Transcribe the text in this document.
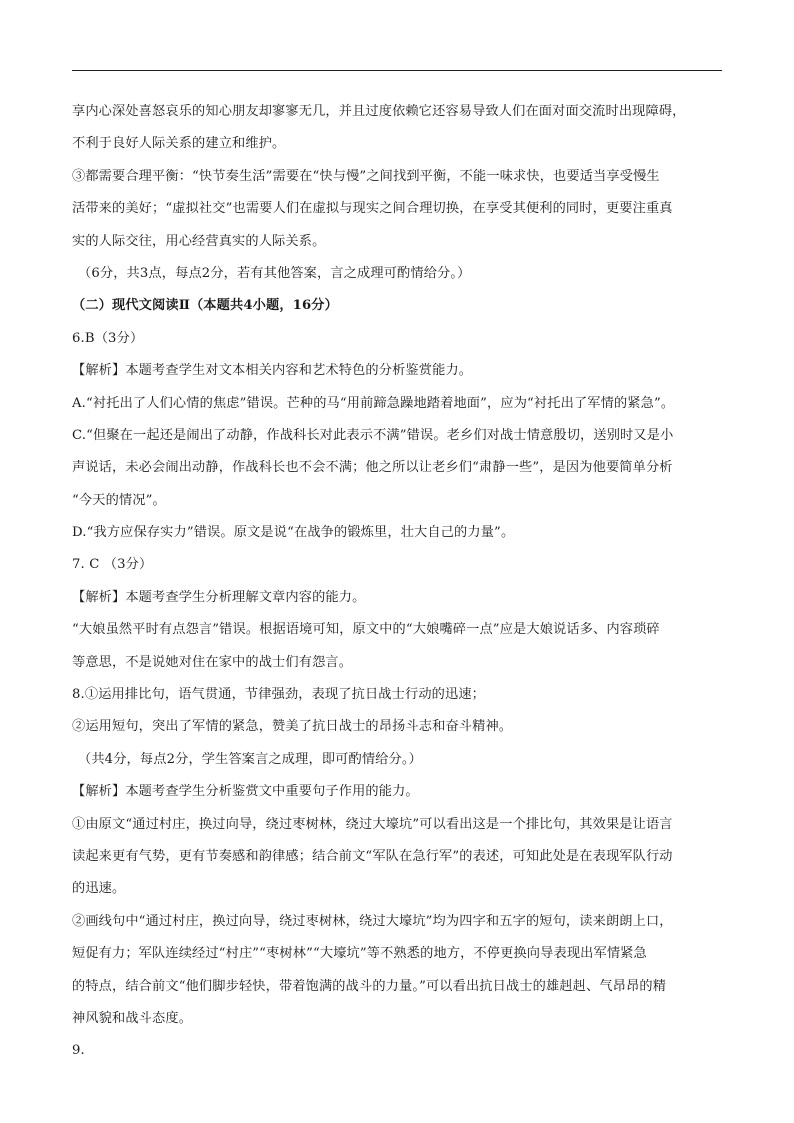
享内心深处喜怒哀乐的知心朋友却寥寥无几，并且过度依赖它还容易导致人们在面对面交流时出现障碍，
不利于良好人际关系的建立和维护。
③都需要合理平衡：“快节奏生活”需要在“快与慢”之间找到平衡，不能一味求快，也要适当享受慢生
活带来的美好；“虚拟社交”也需要人们在虚拟与现实之间合理切换，在享受其便利的同时，更要注重真
实的人际交往，用心经营真实的人际关系。
（6分，共3点，每点2分，若有其他答案，言之成理可酌情给分。）
（二）现代文阅读Ⅱ（本题共4小题，16分）
6.B（3分）
【解析】本题考查学生对文本相关内容和艺术特色的分析鉴赏能力。
A.“衬托出了人们心情的焦虑”错误。芒种的马“用前蹄急躁地踏着地面”，应为“衬托出了军情的紧急”。
C.“但聚在一起还是闹出了动静，作战科长对此表示不满”错误。老乡们对战士情意殷切，送别时又是小
声说话，未必会闹出动静，作战科长也不会不满；他之所以让老乡们“肃静一些”，是因为他要简单分析
“今天的情况”。
D.“我方应保存实力”错误。原文是说“在战争的锻炼里，壮大自己的力量”。
7. C （3分）
【解析】本题考查学生分析理解文章内容的能力。
“大娘虽然平时有点怨言”错误。根据语境可知，原文中的“大娘嘴碎一点”应是大娘说话多、内容琐碎
等意思，不是说她对住在家中的战士们有怨言。
8.①运用排比句，语气贯通，节律强劲，表现了抗日战士行动的迅速；
②运用短句，突出了军情的紧急，赞美了抗日战士的昂扬斗志和奋斗精神。
（共4分，每点2分，学生答案言之成理，即可酌情给分。）
【解析】本题考查学生分析鉴赏文中重要句子作用的能力。
①由原文“通过村庄，换过向导，绕过枣树林，绕过大壕坑”可以看出这是一个排比句，其效果是让语言
读起来更有气势，更有节奏感和韵律感；结合前文“军队在急行军”的表述，可知此处是在表现军队行动
的迅速。
②画线句中“通过村庄，换过向导，绕过枣树林，绕过大壕坑”均为四字和五字的短句，读来朗朗上口，
短促有力；军队连续经过“村庄”“枣树林”“大壕坑”等不熟悉的地方，不停更换向导表现出军情紧急
的特点，结合前文“他们脚步轻快，带着饱满的战斗的力量。”可以看出抗日战士的雄赳赳、气昂昂的精
神风貌和战斗态度。
9.
